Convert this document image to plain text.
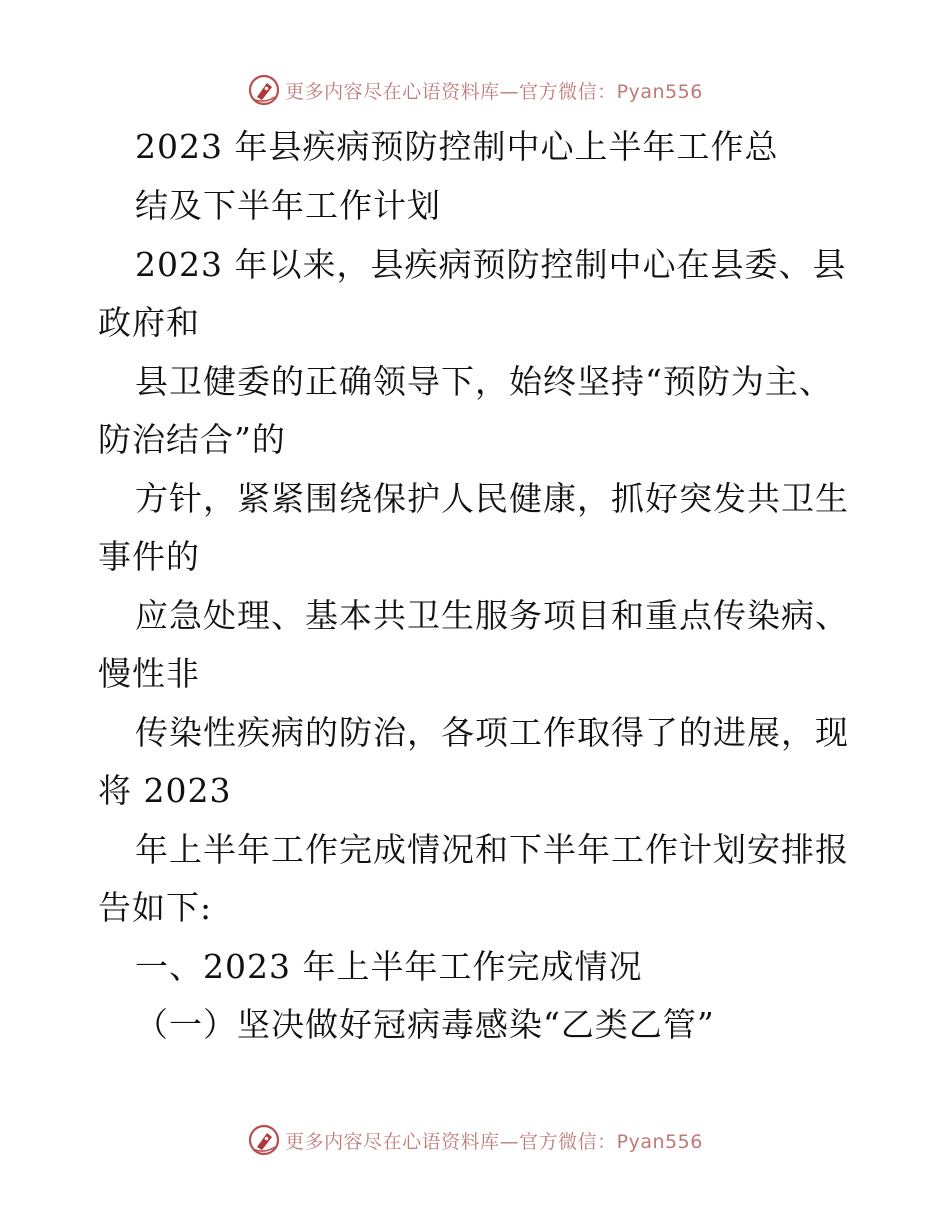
更多内容尽在心语资料库—官方微信：Pyan556
2023 年县疾病预防控制中心上半年工作总
结及下半年工作计划
2023 年以来，县疾病预防控制中心在县委、县
政府和
县卫健委的正确领导下，始终坚持“预防为主、
防治结合”的
方针，紧紧围绕保护人民健康，抓好突发共卫生
事件的
应急处理、基本共卫生服务项目和重点传染病、
慢性非
传染性疾病的防治，各项工作取得了的进展，现
将 2023
年上半年工作完成情况和下半年工作计划安排报
告如下:
一、2023 年上半年工作完成情况
（一）坚决做好冠病毒感染“乙类乙管”
更多内容尽在心语资料库—官方微信：Pyan556
